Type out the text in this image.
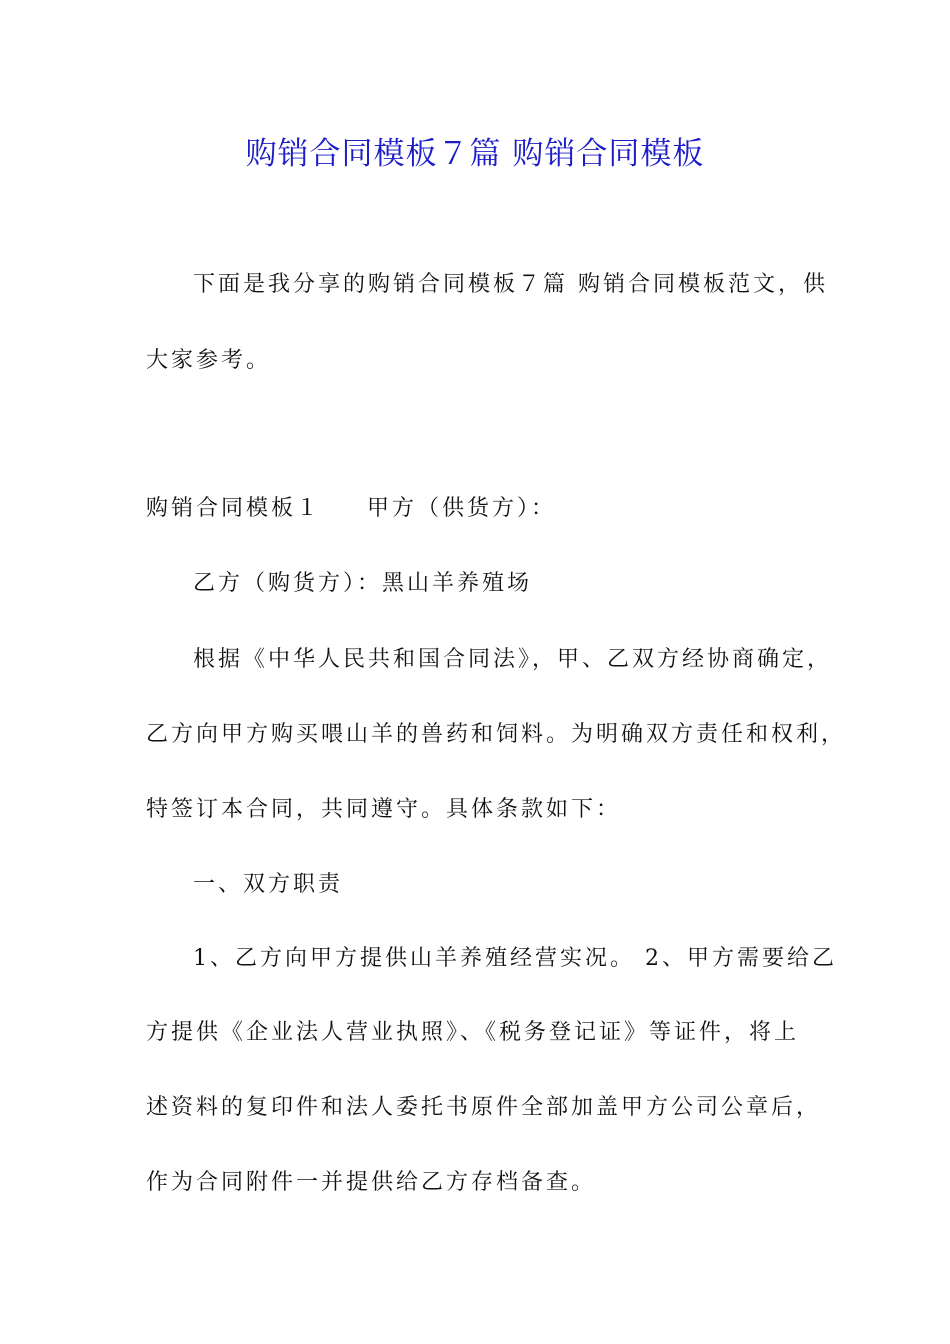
购销合同模板７篇 购销合同模板
下面是我分享的购销合同模板７篇 购销合同模板范文，供
大家参考。
购销合同模板１ 甲方（供货方）：
乙方（购货方）：黑山羊养殖场
根据《中华人民共和国合同法》，甲、乙双方经协商确定，
乙方向甲方购买喂山羊的兽药和饲料。为明确双方责任和权利，
特签订本合同，共同遵守。具体条款如下：
一、双方职责
1、乙方向甲方提供山羊养殖经营实况。 2、甲方需要给乙
方提供《企业法人营业执照》、《税务登记证》等证件，将上
述资料的复印件和法人委托书原件全部加盖甲方公司公章后，
作为合同附件一并提供给乙方存档备查。
